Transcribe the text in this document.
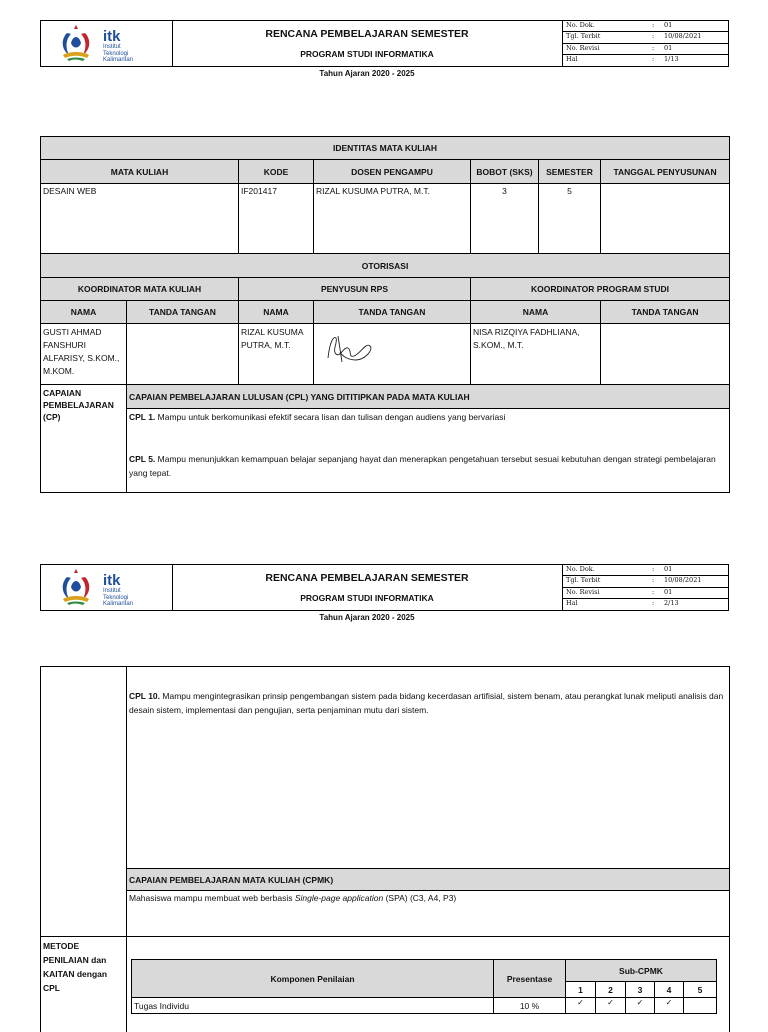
itk
Institut
Teknologi
Kalimantan
RENCANA PEMBELAJARAN SEMESTER
PROGRAM STUDI INFORMATIKA
Tahun Ajaran 2020 - 2025
No. Dok.	: 01
Tgl. Terbit	: 10/08/2021
No. Revisi	: 01
Hal	: 1/13
IDENTITAS MATA KULIAH						
MATA KULIAH		KODE	DOSEN PENGAMPU	BOBOT (SKS)	SEMESTER	TANGGAL PENYUSUNAN
DESAIN WEB		IF201417	RIZAL KUSUMA PUTRA, M.T.	3	5	
OTORISASI						
KOORDINATOR MATA KULIAH		PENYUSUN RPS		KOORDINATOR PROGRAM STUDI		
NAMA	TANDA TANGAN	NAMA	TANDA TANGAN	NAMA		TANDA TANGAN
GUSTI AHMAD FANSHURI ALFARISY, S.KOM., M.KOM.		RIZAL KUSUMA PUTRA, M.T.		NISA RIZQIYA FADHLIANA, S.KOM., M.T.		
CAPAIAN PEMBELAJARAN (CP)	CAPAIAN PEMBELAJARAN LULUSAN (CPL) YANG DITITIPKAN PADA MATA KULIAH					
	CPL 1. Mampu untuk berkomunikasi efektif secara lisan dan tulisan dengan audiens yang bervariasi					
	CPL 5. Mampu menunjukkan kemampuan belajar sepanjang hayat dan menerapkan pengetahuan tersebut sesuai kebutuhan dengan strategi pembelajaran yang tepat.					
itk
Institut
Teknologi
Kalimantan
RENCANA PEMBELAJARAN SEMESTER
PROGRAM STUDI INFORMATIKA
Tahun Ajaran 2020 - 2025
No. Dok.	: 01
Tgl. Terbit	: 10/08/2021
No. Revisi	: 01
Hal	: 2/13
	CPL 10. Mampu mengintegrasikan prinsip pengembangan sistem pada bidang kecerdasan artifisial, sistem benam, atau perangkat lunak meliputi analisis dan desain sistem, implementasi dan pengujian, serta penjaminan mutu dari sistem.
	CAPAIAN PEMBELAJARAN MATA KULIAH (CPMK)
	Mahasiswa mampu membuat web berbasis Single-page application (SPA) (C3, A4, P3)
METODE PENILAIAN dan KAITAN dengan CPL	
Komponen Penilaian	Presentase	Sub-CPMK
1	2	3	4	5
Tugas Individu	10 %	✓	✓	✓	✓	
